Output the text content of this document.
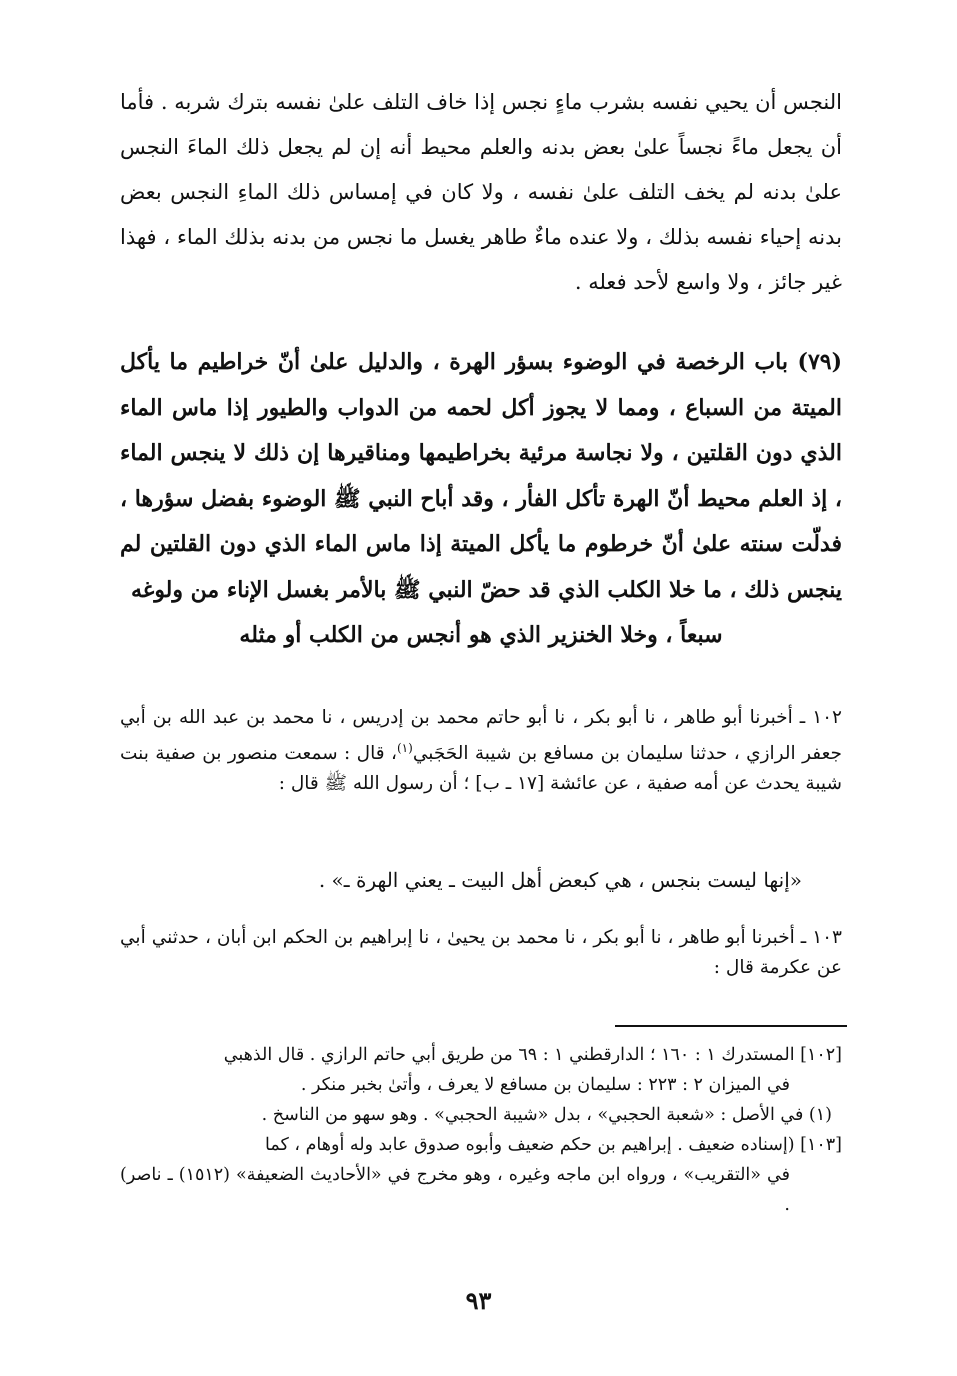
النجس أن يحيي نفسه بشرب ماءٍ نجس إذا خاف التلف علىٰ نفسه بترك شربه . فأما أن يجعل ماءً نجساً علىٰ بعض بدنه والعلم محيط أنه إن لم يجعل ذلك الماءَ النجس علىٰ بدنه لم يخف التلف علىٰ نفسه ، ولا كان في إمساس ذلك الماءِ النجس بعض بدنه إحياء نفسه بذلك ، ولا عنده ماءٌ طاهر يغسل ما نجس من بدنه بذلك الماء ، فهذا غير جائز ، ولا واسع لأحد فعله .

(٧٩) باب الرخصة في الوضوء بسؤر الهرة ، والدليل علىٰ أنّ خراطيم ما يأكل الميتة من السباع ، ومما لا يجوز أكل لحمه من الدواب والطيور إذا ماس الماء الذي دون القلتين ، ولا نجاسة مرئية بخراطيمها ومناقيرها إن ذلك لا ينجس الماء ، إذ العلم محيط أنّ الهرة تأكل الفأر ، وقد أباح النبي ﷺ الوضوء بفضل سؤرها ، فدلّت سنته علىٰ أنّ خرطوم ما يأكل الميتة إذا ماس الماء الذي دون القلتين لم ينجس ذلك ، ما خلا الكلب الذي قد حضّ النبي ﷺ بالأمر بغسل الإناء من ولوغه
سبعاً ، وخلا الخنزير الذي هو أنجس من الكلب أو مثله

١٠٢ ـ أخبرنا أبو طاهر ، نا أبو بكر ، نا أبو حاتم محمد بن إدريس ، نا محمد بن عبد الله بن أبي جعفر الرازي ، حدثنا سليمان بن مسافع بن شيبة الحَجَبي$^{(١)}$، قال : سمعت منصور بن صفية بنت شيبة يحدث عن أمه صفية ، عن عائشة [١٧ ـ ب] ؛ أن رسول الله ﷺ قال :

«إنها ليست بنجس ، هي كبعض أهل البيت ـ يعني الهرة ـ» .

١٠٣ ـ أخبرنا أبو طاهر ، نا أبو بكر ، نا محمد بن يحيىٰ ، نا إبراهيم بن الحكم ابن أبان ، حدثني أبي عن عكرمة قال :

[١٠٢] المستدرك ١ : ١٦٠ ؛ الدارقطني ١ : ٦٩ من طريق أبي حاتم الرازي . قال الذهبي
في الميزان ٢ : ٢٢٣ : سليمان بن مسافع لا يعرف ، وأتىٰ بخبر منكر .

(١) في الأصل : «شعبة الحجبي» ، بدل «شيبة الحجبي» . وهو سهو من الناسخ .

[١٠٣] (إسناده ضعيف . إبراهيم بن حكم ضعيف وأبوه صدوق عابد وله أوهام ، كما
في «التقريب» ، ورواه ابن ماجه وغيره ، وهو مخرج في «الأحاديث الضعيفة» (١٥١٢) ـ ناصر) .

٩٣
